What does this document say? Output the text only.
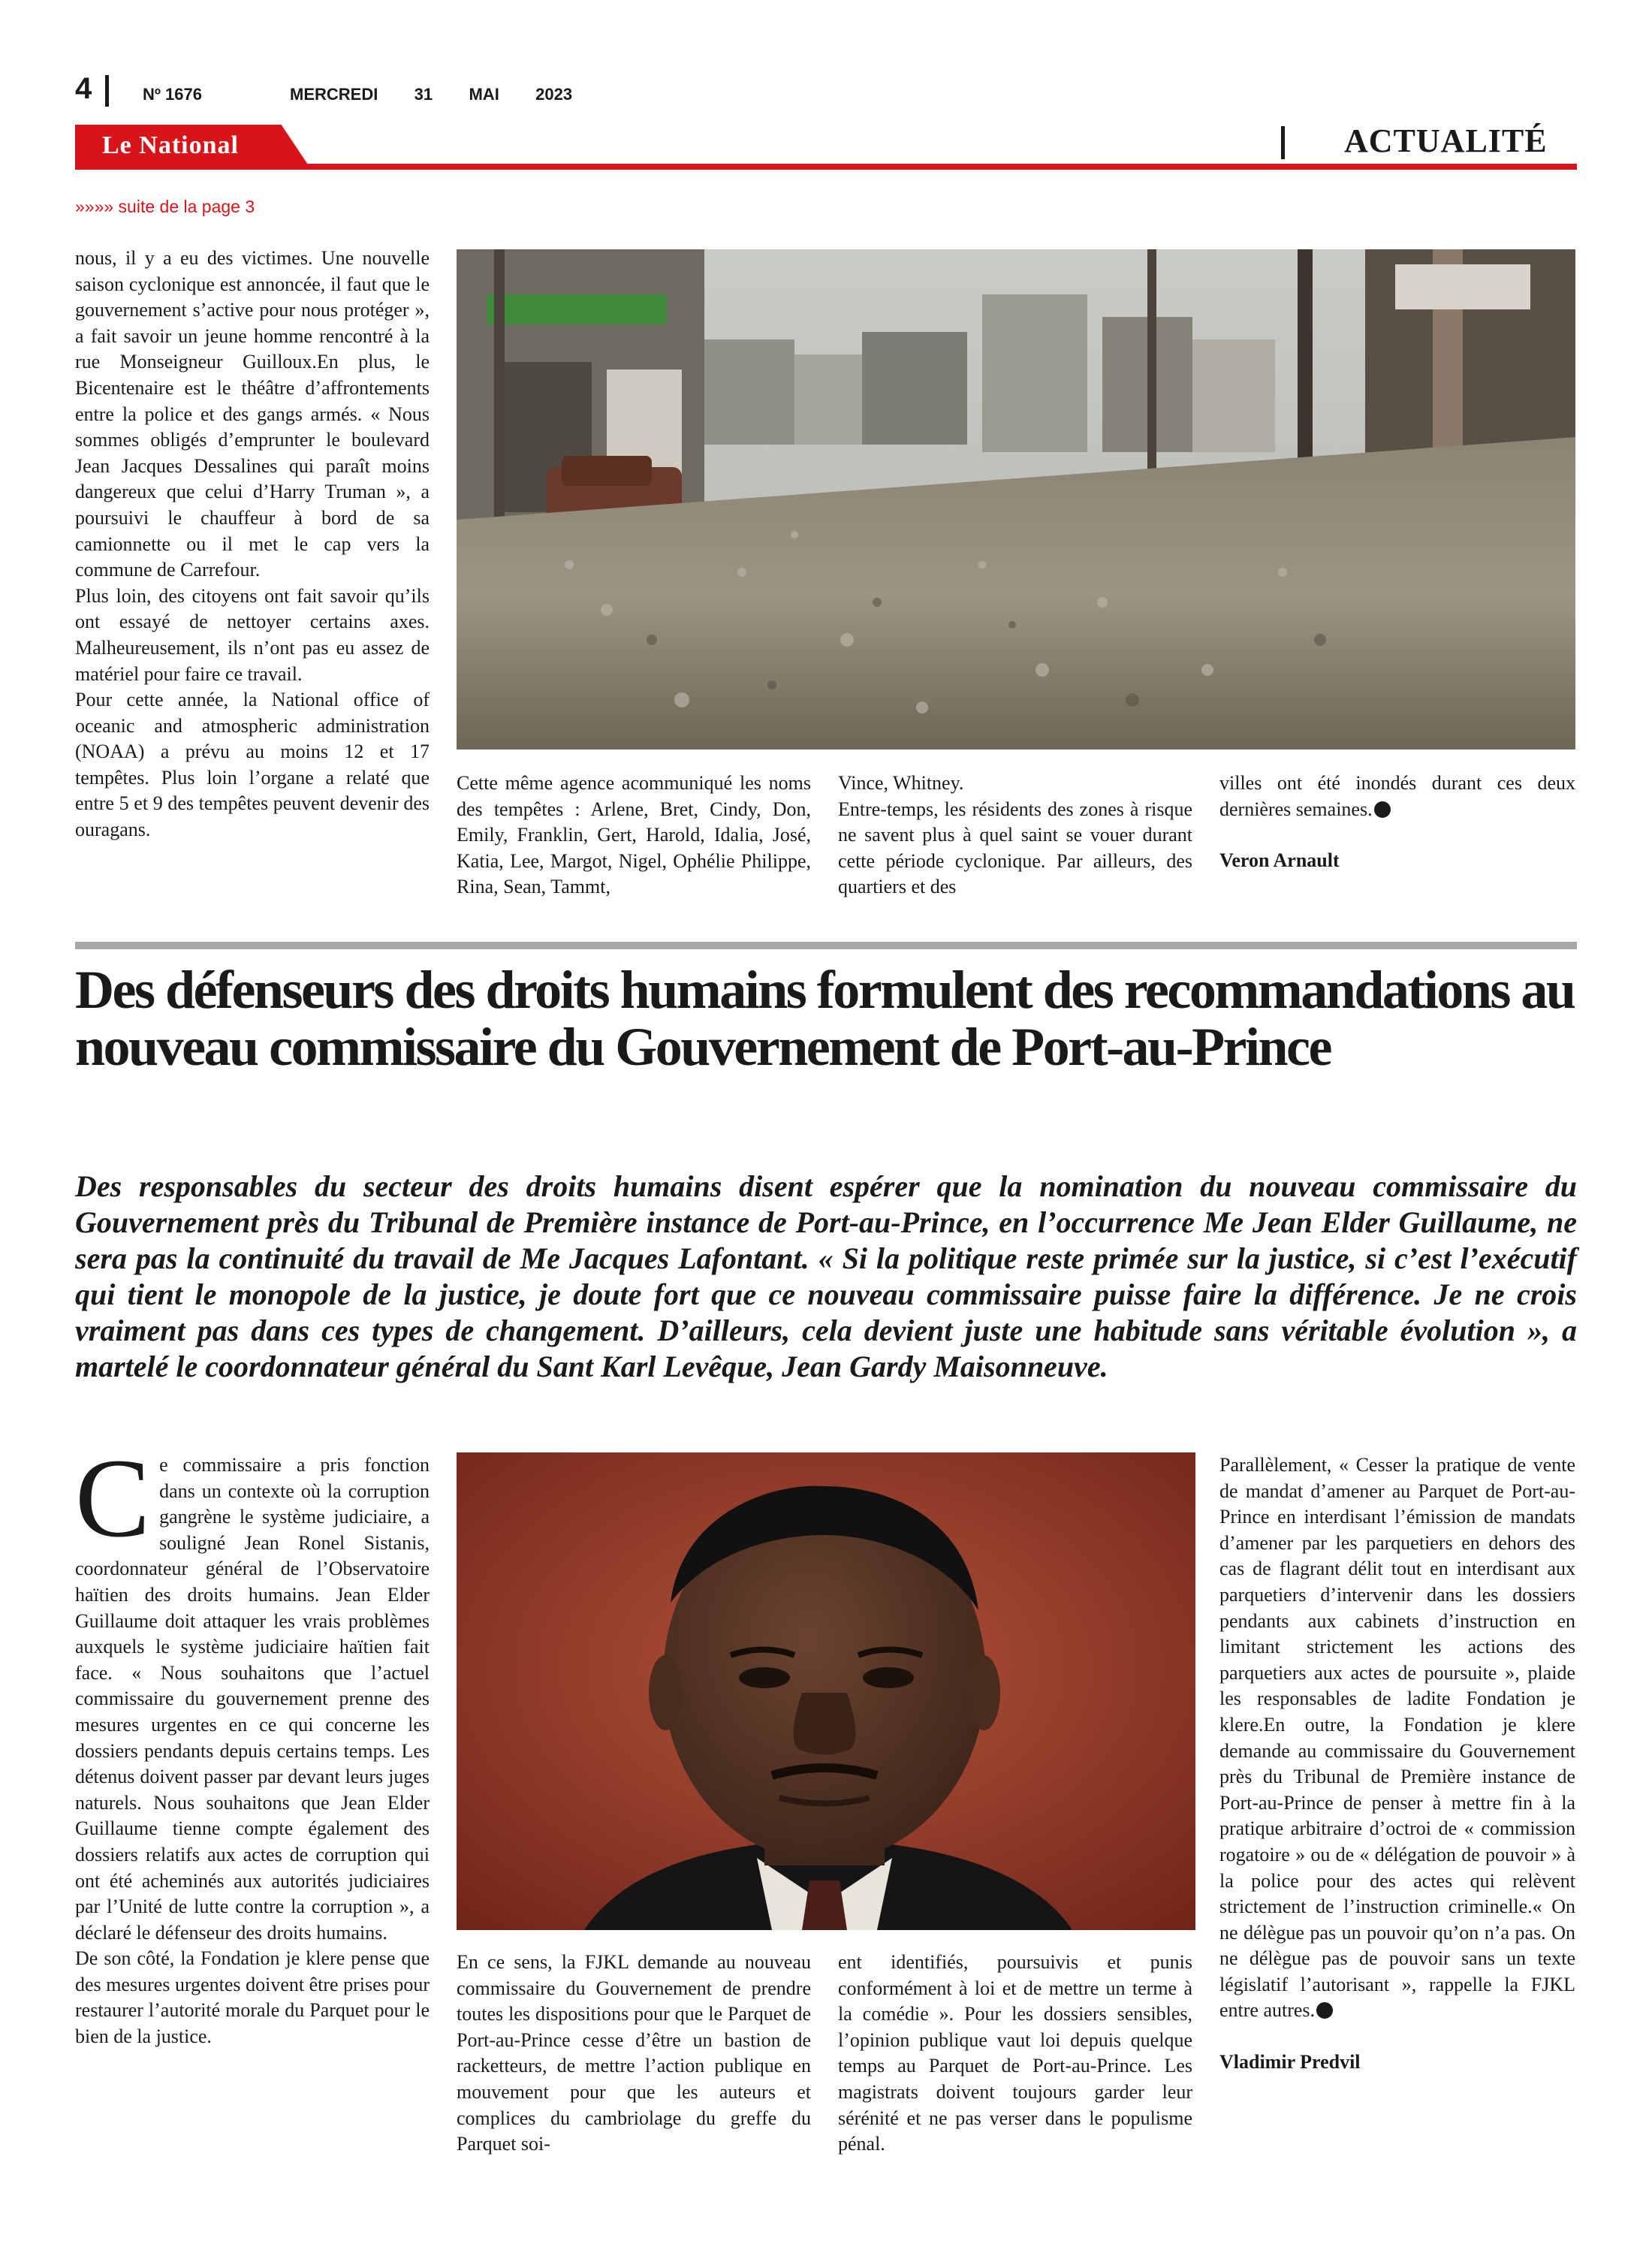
4	Nº 1676	MERCREDI   31   MAI   2023
Le National	ACTUALITÉ
»»»» suite de la page 3

nous, il y a eu des victimes. Une nouvelle saison cyclonique est annoncée, il faut que le gouvernement s’active pour nous protéger », a fait savoir un jeune homme rencontré à la rue Monseigneur Guilloux.En plus, le Bicentenaire est le théâtre d’affrontements entre la police et des gangs armés. « Nous sommes obligés d’emprunter le boulevard Jean Jacques Dessalines qui paraît moins dangereux que celui d’Harry Truman », a poursuivi le chauffeur à bord de sa camionnette ou il met le cap vers la commune de Carrefour.

Plus loin, des citoyens ont fait savoir qu’ils ont essayé de nettoyer certains axes. Malheureusement, ils n’ont pas eu assez de matériel pour faire ce travail.

Pour cette année, la National office of oceanic and atmospheric administration (NOAA) a prévu au moins 12 et 17 tempêtes. Plus loin l’organe a relaté que entre 5 et 9 des tempêtes peuvent devenir des ouragans.

Cette même agence acommuniqué les noms des tempêtes : Arlene, Bret, Cindy, Don, Emily, Franklin, Gert, Harold, Idalia, José, Katia, Lee, Margot, Nigel, Ophélie Philippe, Rina, Sean, Tammt,

Vince, Whitney.

Entre-temps, les résidents des zones à risque ne savent plus à quel saint se vouer durant cette période cyclonique. Par ailleurs, des quartiers et des

villes ont été inondés durant ces deux dernières semaines.

Veron Arnault

Des défenseurs des droits humains formulent des recommandations au nouveau commissaire du Gouvernement de Port-au-Prince
Des responsables du secteur des droits humains disent espérer que la nomination du nouveau commissaire du Gouvernement près du Tribunal de Première instance de Port-au-Prince, en l’occurrence Me Jean Elder Guillaume, ne sera pas la continuité du travail de Me Jacques Lafontant. « Si la politique reste primée sur la justice, si c’est l’exécutif qui tient le monopole de la justice, je doute fort que ce nouveau commissaire puisse faire la différence. Je ne crois vraiment pas dans ces types de changement. D’ailleurs, cela devient juste une habitude sans véritable évolution », a martelé le coordonnateur général du Sant Karl Levêque, Jean Gardy Maisonneuve.

Ce commissaire a pris fonction dans un contexte où la corruption gangrène le système judiciaire, a souligné Jean Ronel Sistanis, coordonnateur général de l’Observatoire haïtien des droits humains. Jean Elder Guillaume doit attaquer les vrais problèmes auxquels le système judiciaire haïtien fait face. « Nous souhaitons que l’actuel commissaire du gouvernement prenne des mesures urgentes en ce qui concerne les dossiers pendants depuis certains temps. Les détenus doivent passer par devant leurs juges naturels. Nous souhaitons que Jean Elder Guillaume tienne compte également des dossiers relatifs aux actes de corruption qui ont été acheminés aux autorités judiciaires par l’Unité de lutte contre la corruption », a déclaré le défenseur des droits humains.

De son côté, la Fondation je klere pense que des mesures urgentes doivent être prises pour restaurer l’autorité morale du Parquet pour le bien de la justice.

En ce sens, la FJKL demande au nouveau commissaire du Gouvernement de prendre toutes les dispositions pour que le Parquet de Port-au-Prince cesse d’être un bastion de racketteurs, de mettre l’action publique en mouvement pour que les auteurs et complices du cambriolage du greffe du Parquet soi-

ent identifiés, poursuivis et punis conformément à loi et de mettre un terme à la comédie ». Pour les dossiers sensibles, l’opinion publique vaut loi depuis quelque temps au Parquet de Port-au-Prince. Les magistrats doivent toujours garder leur sérénité et ne pas verser dans le populisme pénal.

Parallèlement, « Cesser la pratique de vente de mandat d’amener au Parquet de Port-au-Prince en interdisant l’émission de mandats d’amener par les parquetiers en dehors des cas de flagrant délit tout en interdisant aux parquetiers d’intervenir dans les dossiers pendants aux cabinets d’instruction en limitant strictement les actions des parquetiers aux actes de poursuite », plaide les responsables de ladite Fondation je klere.En outre, la Fondation je klere demande au commissaire du Gouvernement près du Tribunal de Première instance de Port-au-Prince de penser à mettre fin à la pratique arbitraire d’octroi de « commission rogatoire » ou de « délégation de pouvoir » à la police pour des actes qui relèvent strictement de l’instruction criminelle.« On ne délègue pas un pouvoir qu’on n’a pas. On ne délègue pas de pouvoir sans un texte législatif l’autorisant », rappelle la FJKL entre autres.

Vladimir Predvil
